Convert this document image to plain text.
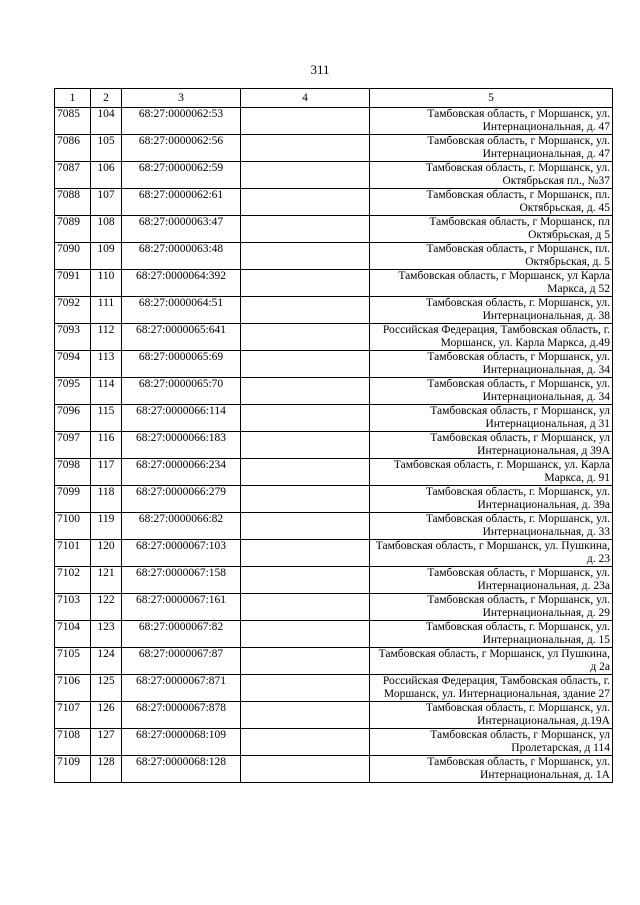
311
1	2	3	4	5
7085	104	68:27:0000062:53		Тамбовская область, г Моршанск, ул.
Интернациональная, д. 47

7086	105	68:27:0000062:56		Тамбовская область, г Моршанск, ул.
Интернациональная, д. 47

7087	106	68:27:0000062:59		Тамбовская область, г. Моршанск, ул.
Октябрьская пл., №37

7088	107	68:27:0000062:61		Тамбовская область, г Моршанск, пл.
Октябрьская, д. 45

7089	108	68:27:0000063:47		Тамбовская область, г Моршанск, пл
Октябрьская, д 5

7090	109	68:27:0000063:48		Тамбовская область, г Моршанск, пл.
Октябрьская, д. 5

7091	110	68:27:0000064:392		Тамбовская область, г Моршанск, ул Карла
Маркса, д 52

7092	111	68:27:0000064:51		Тамбовская область, г. Моршанск, ул.
Интернациональная, д. 38

7093	112	68:27:0000065:641		Российская Федерация, Тамбовская область, г.
Моршанск, ул. Карла Маркса, д.49

7094	113	68:27:0000065:69		Тамбовская область, г Моршанск, ул.
Интернациональная, д. 34

7095	114	68:27:0000065:70		Тамбовская область, г Моршанск, ул.
Интернациональная, д. 34

7096	115	68:27:0000066:114		Тамбовская область, г Моршанск, ул
Интернациональная, д 31

7097	116	68:27:0000066:183		Тамбовская область, г Моршанск, ул
Интернациональная, д 39А

7098	117	68:27:0000066:234		Тамбовская область, г. Моршанск, ул. Карла
Маркса, д. 91

7099	118	68:27:0000066:279		Тамбовская область, г. Моршанск, ул.
Интернациональная, д. 39а

7100	119	68:27:0000066:82		Тамбовская область, г. Моршанск, ул.
Интернациональная, д. 33

7101	120	68:27:0000067:103		Тамбовская область, г Моршанск, ул. Пушкина,
д. 23

7102	121	68:27:0000067:158		Тамбовская область, г Моршанск, ул.
Интернациональная, д. 23а

7103	122	68:27:0000067:161		Тамбовская область, г Моршанск, ул.
Интернациональная, д. 29

7104	123	68:27:0000067:82		Тамбовская область, г. Моршанск, ул.
Интернациональная, д. 15

7105	124	68:27:0000067:87		Тамбовская область, г Моршанск, ул Пушкина,
д 2а

7106	125	68:27:0000067:871		Российская Федерация, Тамбовская область, г.
Моршанск, ул. Интернациональная, здание 27

7107	126	68:27:0000067:878		Тамбовская область, г. Моршанск, ул.
Интернациональная, д.19А

7108	127	68:27:0000068:109		Тамбовская область, г Моршанск, ул
Пролетарская, д 114

7109	128	68:27:0000068:128		Тамбовская область, г Моршанск, ул.
Интернациональная, д. 1А
